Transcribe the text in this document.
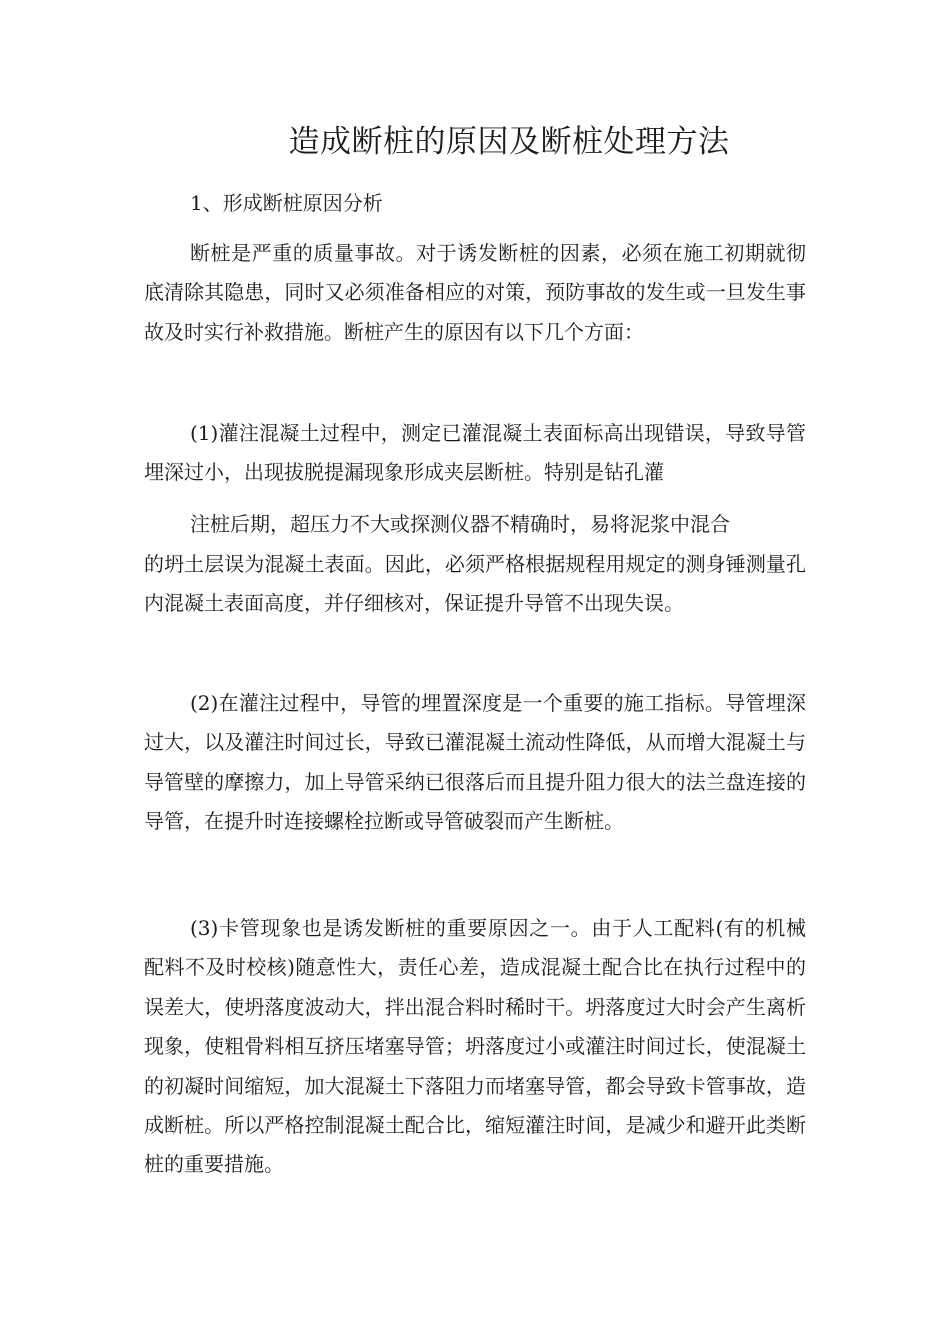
造成断桩的原因及断桩处理方法
1、形成断桩原因分析

断桩是严重的质量事故。对于诱发断桩的因素，必须在施工初期就彻底清除其隐患，同时又必须准备相应的对策，预防事故的发生或一旦发生事故及时实行补救措施。断桩产生的原因有以下几个方面：

(1)灌注混凝土过程中，测定已灌混凝土表面标高出现错误，导致导管埋深过小，出现拔脱提漏现象形成夹层断桩。特别是钻孔灌

注桩后期，超压力不大或探测仪器不精确时，易将泥浆中混合

的坍土层误为混凝土表面。因此，必须严格根据规程用规定的测身锤测量孔内混凝土表面高度，并仔细核对，保证提升导管不出现失误。

(2)在灌注过程中，导管的埋置深度是一个重要的施工指标。导管埋深过大，以及灌注时间过长，导致已灌混凝土流动性降低，从而增大混凝土与导管壁的摩擦力，加上导管采纳已很落后而且提升阻力很大的法兰盘连接的导管，在提升时连接螺栓拉断或导管破裂而产生断桩。

(3)卡管现象也是诱发断桩的重要原因之一。由于人工配料(有的机械配料不及时校核)随意性大，责任心差，造成混凝土配合比在执行过程中的误差大，使坍落度波动大，拌出混合料时稀时干。坍落度过大时会产生离析现象，使粗骨料相互挤压堵塞导管；坍落度过小或灌注时间过长，使混凝土的初凝时间缩短，加大混凝土下落阻力而堵塞导管，都会导致卡管事故，造成断桩。所以严格控制混凝土配合比，缩短灌注时间，是减少和避开此类断桩的重要措施。
